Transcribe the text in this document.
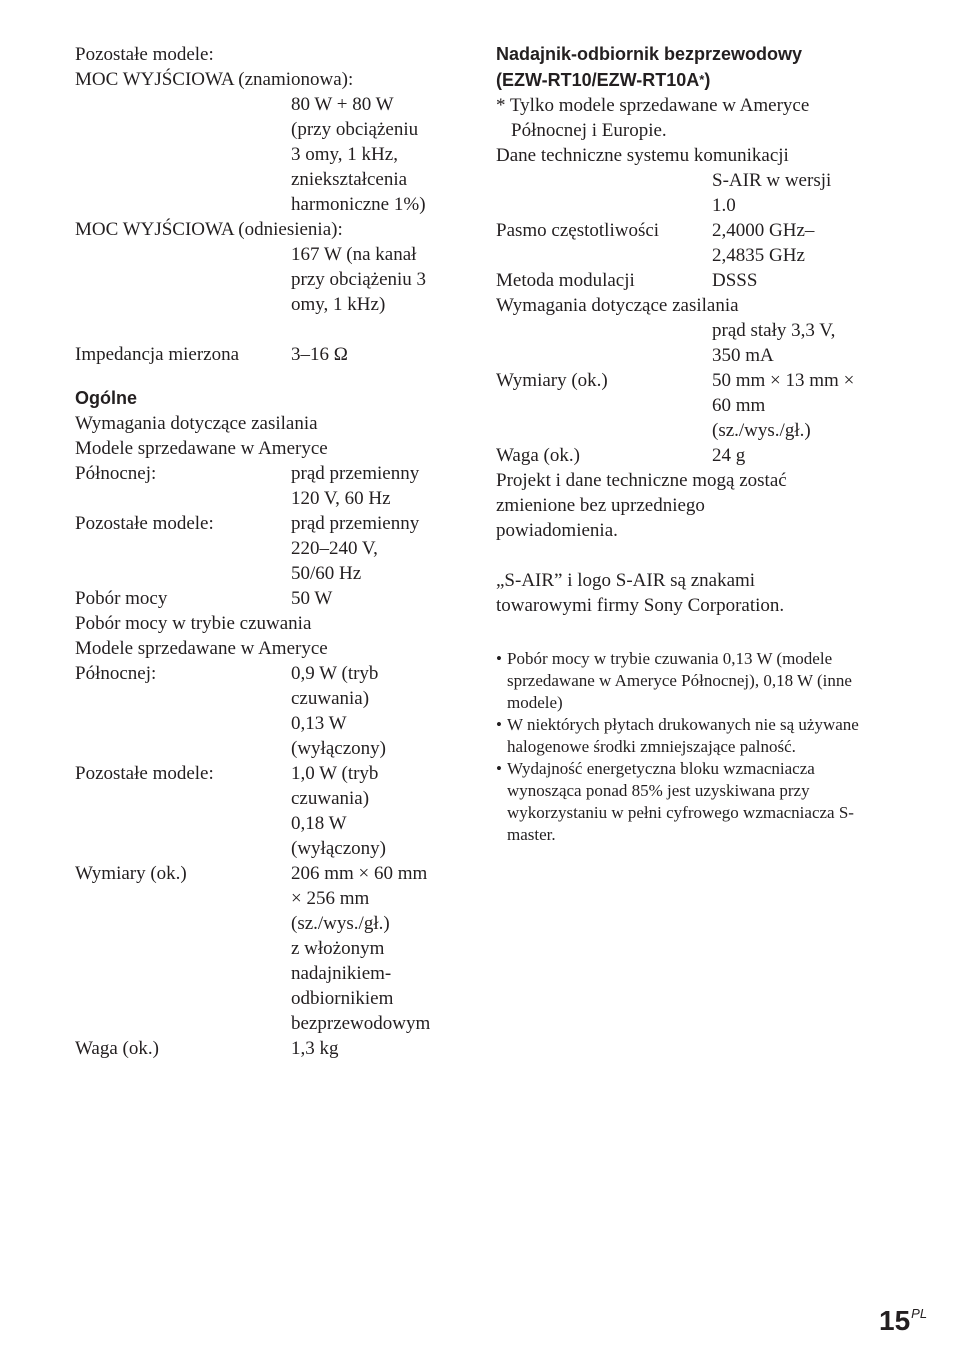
Pozostałe modele:
MOC WYJŚCIOWA (znamionowa):
80 W + 80 W
(przy obciążeniu
3 omy, 1 kHz,
zniekształcenia
harmoniczne 1%)
MOC WYJŚCIOWA (odniesienia):
167 W (na kanał
przy obciążeniu 3
omy, 1 kHz)
Impedancja mierzona	3–16 Ω
Ogólne
Wymagania dotyczące zasilania
Modele sprzedawane w Ameryce
Północnej:	prąd przemienny
120 V, 60 Hz
Pozostałe modele:	prąd przemienny
220–240 V,
50/60 Hz
Pobór mocy	50 W
Pobór mocy w trybie czuwania
Modele sprzedawane w Ameryce
Północnej:	0,9 W (tryb
czuwania)
0,13 W
(wyłączony)
Pozostałe modele:	1,0 W (tryb
czuwania)
0,18 W
(wyłączony)
Wymiary (ok.)	206 mm × 60 mm
× 256 mm
(sz./wys./gł.)
z włożonym
nadajnikiem-
odbiornikiem
bezprzewodowym
Waga (ok.)	1,3 kg
Nadajnik-odbiornik bezprzewodowy
(EZW-RT10/EZW-RT10A*)
* Tylko modele sprzedawane w Ameryce Północnej i Europie.
Dane techniczne systemu komunikacji
S-AIR w wersji
1.0
Pasmo częstotliwości	2,4000 GHz–
2,4835 GHz
Metoda modulacji	DSSS
Wymagania dotyczące zasilania
prąd stały 3,3 V,
350 mA
Wymiary (ok.)	50 mm × 13 mm ×
60 mm
(sz./wys./gł.)
Waga (ok.)	24 g
Projekt i dane techniczne mogą zostać
zmienione bez uprzedniego
powiadomienia.
„S-AIR” i logo S-AIR są znakami
towarowymi firmy Sony Corporation.
• Pobór mocy w trybie czuwania 0,13 W (modele sprzedawane w Ameryce Północnej), 0,18 W (inne modele)
• W niektórych płytach drukowanych nie są używane halogenowe środki zmniejszające palność.
• Wydajność energetyczna bloku wzmacniacza wynosząca ponad 85% jest uzyskiwana przy wykorzystaniu w pełni cyfrowego wzmacniacza S-master.
$15^{PL}$
